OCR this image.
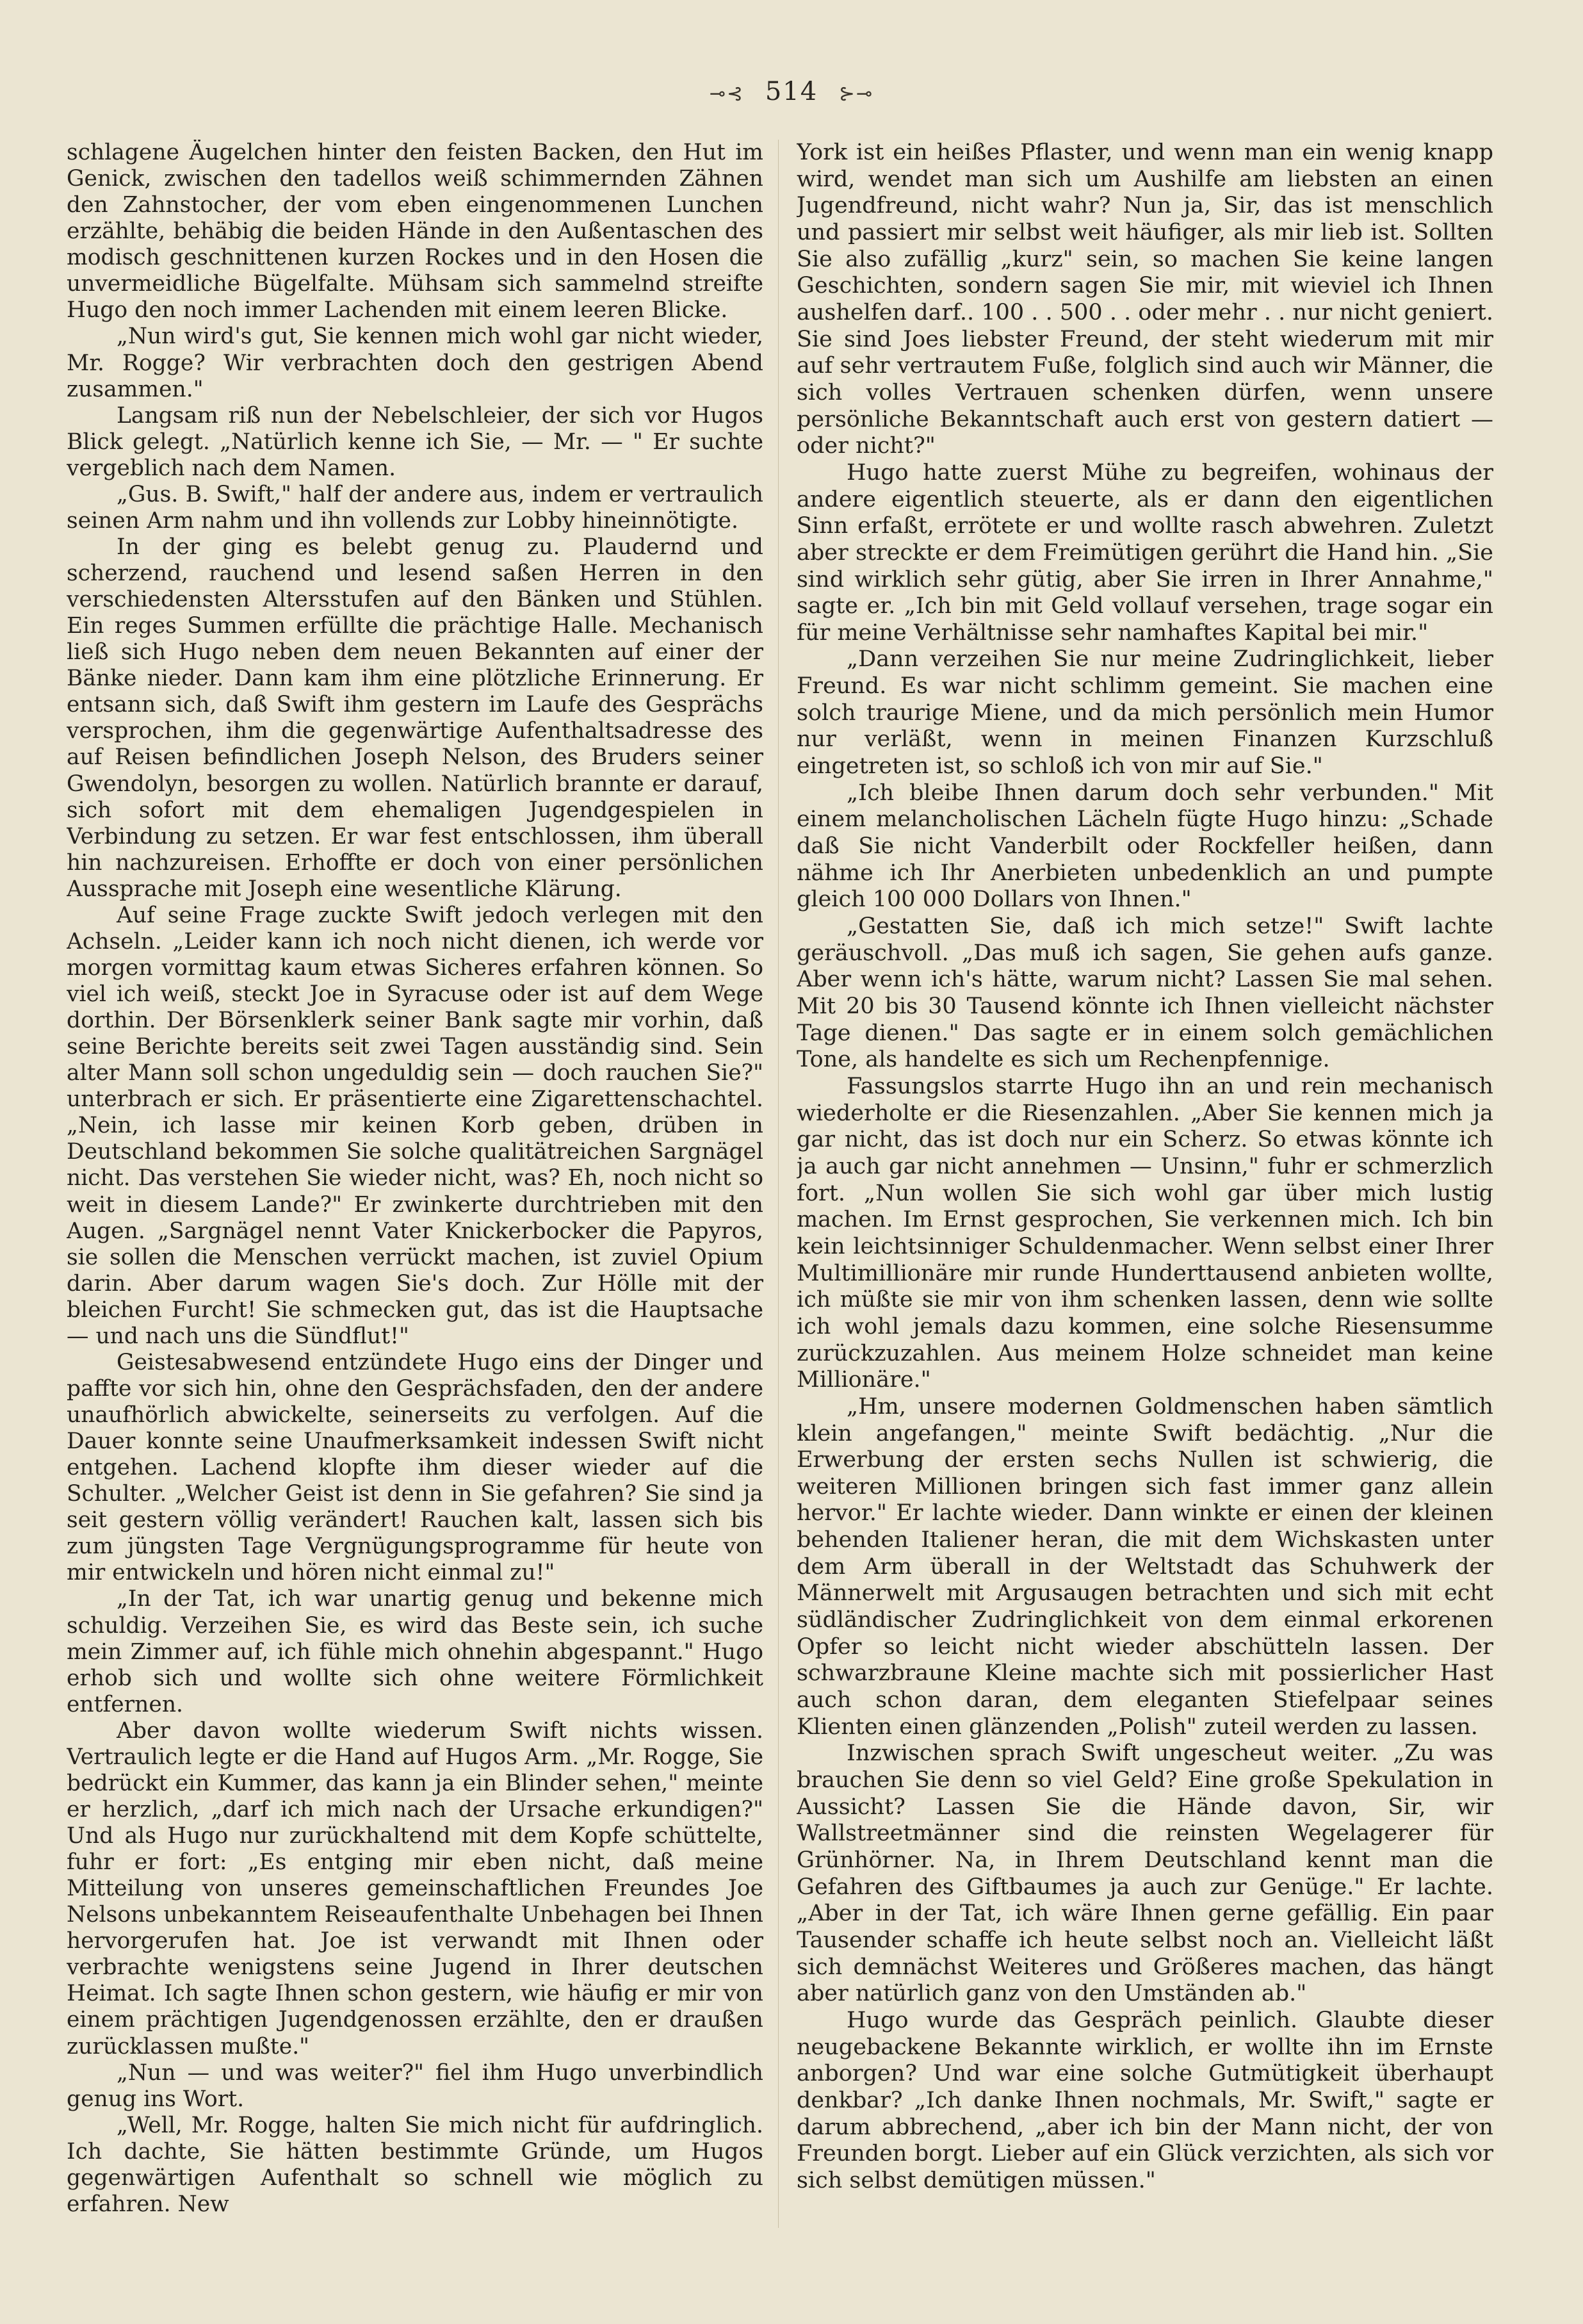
⊸⊰ 514 ⊱⊸

schlagene Äugelchen hinter den feisten Backen, den Hut im Genick, zwischen den tadellos weiß schimmernden Zähnen den Zahnstocher, der vom eben eingenommenen Lunchen erzählte, behäbig die beiden Hände in den Außentaschen des modisch geschnittenen kurzen Rockes und in den Hosen die unvermeidliche Bügelfalte. Mühsam sich sammelnd streifte Hugo den noch immer Lachenden mit einem leeren Blicke.

„Nun wird's gut, Sie kennen mich wohl gar nicht wieder, Mr. Rogge? Wir verbrachten doch den gestrigen Abend zusammen."

Langsam riß nun der Nebelschleier, der sich vor Hugos Blick gelegt. „Natürlich kenne ich Sie, — Mr. — " Er suchte vergeblich nach dem Namen.

„Gus. B. Swift," half der andere aus, indem er vertraulich seinen Arm nahm und ihn vollends zur Lobby hineinnötigte.

In der ging es belebt genug zu. Plaudernd und scherzend, rauchend und lesend saßen Herren in den verschiedensten Altersstufen auf den Bänken und Stühlen. Ein reges Summen erfüllte die prächtige Halle. Mechanisch ließ sich Hugo neben dem neuen Bekannten auf einer der Bänke nieder. Dann kam ihm eine plötzliche Erinnerung. Er entsann sich, daß Swift ihm gestern im Laufe des Gesprächs versprochen, ihm die gegenwärtige Aufenthaltsadresse des auf Reisen befindlichen Joseph Nelson, des Bruders seiner Gwendolyn, besorgen zu wollen. Natürlich brannte er darauf, sich sofort mit dem ehemaligen Jugendgespielen in Verbindung zu setzen. Er war fest entschlossen, ihm überall hin nachzureisen. Erhoffte er doch von einer persönlichen Aussprache mit Joseph eine wesentliche Klärung.

Auf seine Frage zuckte Swift jedoch verlegen mit den Achseln. „Leider kann ich noch nicht dienen, ich werde vor morgen vormittag kaum etwas Sicheres erfahren können. So viel ich weiß, steckt Joe in Syracuse oder ist auf dem Wege dorthin. Der Börsenklerk seiner Bank sagte mir vorhin, daß seine Berichte bereits seit zwei Tagen ausständig sind. Sein alter Mann soll schon ungeduldig sein — doch rauchen Sie?" unterbrach er sich. Er präsentierte eine Zigarettenschachtel. „Nein, ich lasse mir keinen Korb geben, drüben in Deutschland bekommen Sie solche qualitätreichen Sargnägel nicht. Das verstehen Sie wieder nicht, was? Eh, noch nicht so weit in diesem Lande?" Er zwinkerte durchtrieben mit den Augen. „Sargnägel nennt Vater Knickerbocker die Papyros, sie sollen die Menschen verrückt machen, ist zuviel Opium darin. Aber darum wagen Sie's doch. Zur Hölle mit der bleichen Furcht! Sie schmecken gut, das ist die Hauptsache — und nach uns die Sündflut!"

Geistesabwesend entzündete Hugo eins der Dinger und paffte vor sich hin, ohne den Gesprächsfaden, den der andere unaufhörlich abwickelte, seinerseits zu verfolgen. Auf die Dauer konnte seine Unaufmerksamkeit indessen Swift nicht entgehen. Lachend klopfte ihm dieser wieder auf die Schulter. „Welcher Geist ist denn in Sie gefahren? Sie sind ja seit gestern völlig verändert! Rauchen kalt, lassen sich bis zum jüngsten Tage Vergnügungsprogramme für heute von mir entwickeln und hören nicht einmal zu!"

„In der Tat, ich war unartig genug und bekenne mich schuldig. Verzeihen Sie, es wird das Beste sein, ich suche mein Zimmer auf, ich fühle mich ohnehin abgespannt." Hugo erhob sich und wollte sich ohne weitere Förmlichkeit entfernen.

Aber davon wollte wiederum Swift nichts wissen. Vertraulich legte er die Hand auf Hugos Arm. „Mr. Rogge, Sie bedrückt ein Kummer, das kann ja ein Blinder sehen," meinte er herzlich, „darf ich mich nach der Ursache erkundigen?" Und als Hugo nur zurückhaltend mit dem Kopfe schüttelte, fuhr er fort: „Es entging mir eben nicht, daß meine Mitteilung von unseres gemeinschaftlichen Freundes Joe Nelsons unbekanntem Reiseaufenthalte Unbehagen bei Ihnen hervorgerufen hat. Joe ist verwandt mit Ihnen oder verbrachte wenigstens seine Jugend in Ihrer deutschen Heimat. Ich sagte Ihnen schon gestern, wie häufig er mir von einem prächtigen Jugendgenossen erzählte, den er draußen zurücklassen mußte."

„Nun — und was weiter?" fiel ihm Hugo unverbindlich genug ins Wort.

„Well, Mr. Rogge, halten Sie mich nicht für aufdringlich. Ich dachte, Sie hätten bestimmte Gründe, um Hugos gegenwärtigen Aufenthalt so schnell wie möglich zu erfahren. New

York ist ein heißes Pflaster, und wenn man ein wenig knapp wird, wendet man sich um Aushilfe am liebsten an einen Jugendfreund, nicht wahr? Nun ja, Sir, das ist menschlich und passiert mir selbst weit häufiger, als mir lieb ist. Sollten Sie also zufällig „kurz" sein, so machen Sie keine langen Geschichten, sondern sagen Sie mir, mit wieviel ich Ihnen aushelfen darf.. 100 . . 500 . . oder mehr . . nur nicht geniert. Sie sind Joes liebster Freund, der steht wiederum mit mir auf sehr vertrautem Fuße, folglich sind auch wir Männer, die sich volles Vertrauen schenken dürfen, wenn unsere persönliche Bekanntschaft auch erst von gestern datiert — oder nicht?"

Hugo hatte zuerst Mühe zu begreifen, wohinaus der andere eigentlich steuerte, als er dann den eigentlichen Sinn erfaßt, errötete er und wollte rasch abwehren. Zuletzt aber streckte er dem Freimütigen gerührt die Hand hin. „Sie sind wirklich sehr gütig, aber Sie irren in Ihrer Annahme," sagte er. „Ich bin mit Geld vollauf versehen, trage sogar ein für meine Verhältnisse sehr namhaftes Kapital bei mir."

„Dann verzeihen Sie nur meine Zudringlichkeit, lieber Freund. Es war nicht schlimm gemeint. Sie machen eine solch traurige Miene, und da mich persönlich mein Humor nur verläßt, wenn in meinen Finanzen Kurzschluß eingetreten ist, so schloß ich von mir auf Sie."

„Ich bleibe Ihnen darum doch sehr verbunden." Mit einem melancholischen Lächeln fügte Hugo hinzu: „Schade daß Sie nicht Vanderbilt oder Rockfeller heißen, dann nähme ich Ihr Anerbieten unbedenklich an und pumpte gleich 100 000 Dollars von Ihnen."

„Gestatten Sie, daß ich mich setze!" Swift lachte geräuschvoll. „Das muß ich sagen, Sie gehen aufs ganze. Aber wenn ich's hätte, warum nicht? Lassen Sie mal sehen. Mit 20 bis 30 Tausend könnte ich Ihnen vielleicht nächster Tage dienen." Das sagte er in einem solch gemächlichen Tone, als handelte es sich um Rechenpfennige.

Fassungslos starrte Hugo ihn an und rein mechanisch wiederholte er die Riesenzahlen. „Aber Sie kennen mich ja gar nicht, das ist doch nur ein Scherz. So etwas könnte ich ja auch gar nicht annehmen — Unsinn," fuhr er schmerzlich fort. „Nun wollen Sie sich wohl gar über mich lustig machen. Im Ernst gesprochen, Sie verkennen mich. Ich bin kein leichtsinniger Schuldenmacher. Wenn selbst einer Ihrer Multimillionäre mir runde Hunderttausend anbieten wollte, ich müßte sie mir von ihm schenken lassen, denn wie sollte ich wohl jemals dazu kommen, eine solche Riesensumme zurückzuzahlen. Aus meinem Holze schneidet man keine Millionäre."

„Hm, unsere modernen Goldmenschen haben sämtlich klein angefangen," meinte Swift bedächtig. „Nur die Erwerbung der ersten sechs Nullen ist schwierig, die weiteren Millionen bringen sich fast immer ganz allein hervor." Er lachte wieder. Dann winkte er einen der kleinen behenden Italiener heran, die mit dem Wichskasten unter dem Arm überall in der Weltstadt das Schuhwerk der Männerwelt mit Argusaugen betrachten und sich mit echt südländischer Zudringlichkeit von dem einmal erkorenen Opfer so leicht nicht wieder abschütteln lassen. Der schwarzbraune Kleine machte sich mit possierlicher Hast auch schon daran, dem eleganten Stiefelpaar seines Klienten einen glänzenden „Polish" zuteil werden zu lassen.

Inzwischen sprach Swift ungescheut weiter. „Zu was brauchen Sie denn so viel Geld? Eine große Spekulation in Aussicht? Lassen Sie die Hände davon, Sir, wir Wallstreetmänner sind die reinsten Wegelagerer für Grünhörner. Na, in Ihrem Deutschland kennt man die Gefahren des Giftbaumes ja auch zur Genüge." Er lachte. „Aber in der Tat, ich wäre Ihnen gerne gefällig. Ein paar Tausender schaffe ich heute selbst noch an. Vielleicht läßt sich demnächst Weiteres und Größeres machen, das hängt aber natürlich ganz von den Umständen ab."

Hugo wurde das Gespräch peinlich. Glaubte dieser neugebackene Bekannte wirklich, er wollte ihn im Ernste anborgen? Und war eine solche Gutmütigkeit überhaupt denkbar? „Ich danke Ihnen nochmals, Mr. Swift," sagte er darum abbrechend, „aber ich bin der Mann nicht, der von Freunden borgt. Lieber auf ein Glück verzichten, als sich vor sich selbst demütigen müssen."
